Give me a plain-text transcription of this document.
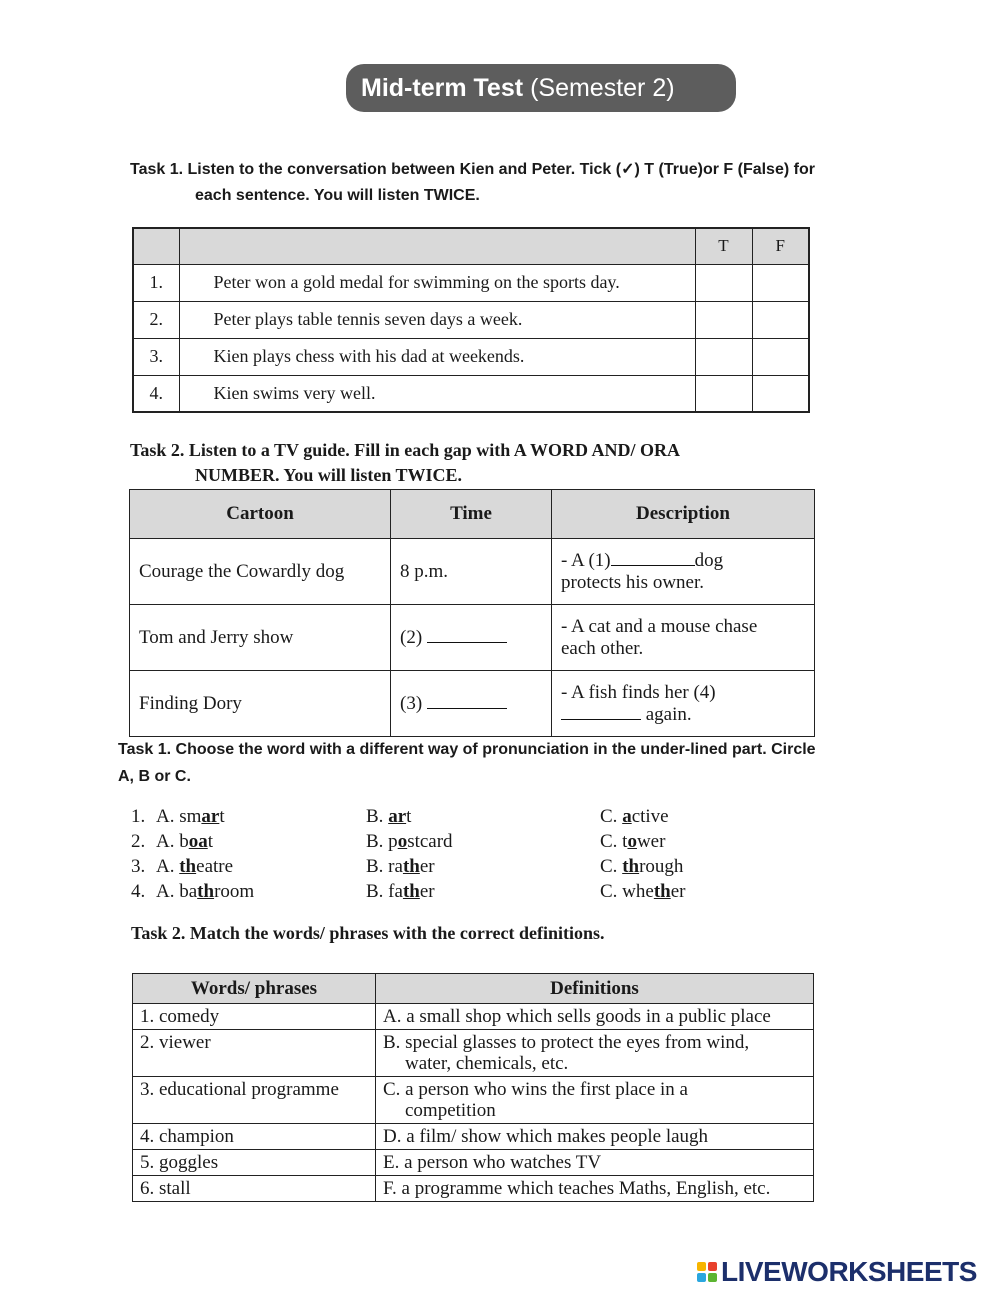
Mid-term Test (Semester 2)
Task 1. Listen to the conversation between Kien and Peter. Tick (✓) T (True)or F (False) for
each sentence. You will listen TWICE.
		T	F
1.	Peter won a gold medal for swimming on the sports day.		
2.	Peter plays table tennis seven days a week.		
3.	Kien plays chess with his dad at weekends.		
4.	Kien swims very well.		
Task 2. Listen to a TV guide. Fill in each gap with A WORD AND/ ORA
NUMBER. You will listen TWICE.
Cartoon	Time	Description
Courage the Cowardly dog	8 p.m.	- A (1) dog
protects his owner.
Tom and Jerry show	(2)	- A cat and a mouse chase
each other.
Finding Dory	(3)	- A fish finds her (4)
again.
Task 1. Choose the word with a different way of pronunciation in the under-lined part. Circle
A, B or C.
1. A. smart	B. art	C. active
2. A. boat	B. postcard	C. tower
3. A. theatre	B. rather	C. through
4. A. bathroom	B. father	C. whether
Task 2. Match the words/ phrases with the correct definitions.
Words/ phrases	Definitions
1. comedy	A. a small shop which sells goods in a public place
2. viewer	B. special glasses to protect the eyes from wind,
water, chemicals, etc.

3. educational programme	C. a person who wins the first place in a
competition

4. champion	D. a film/ show which makes people laugh
5. goggles	E. a person who watches TV
6. stall	F. a programme which teaches Maths, English, etc.
LIVEWORKSHEETS
